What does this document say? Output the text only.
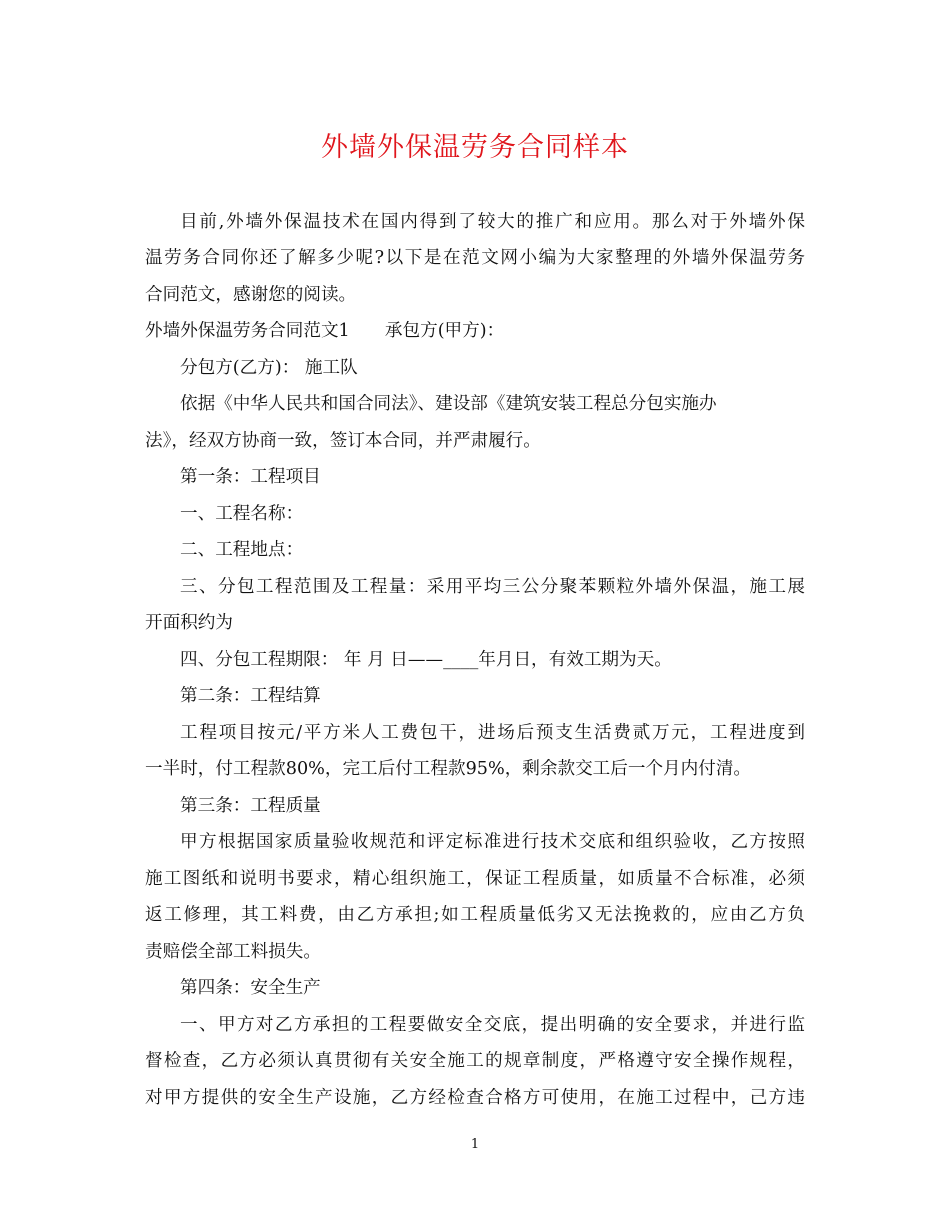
外墙外保温劳务合同样本
目前,外墙外保温技术在国内得到了较大的推广和应用。那么对于外墙外保
温劳务合同你还了解多少呢?以下是在范文网小编为大家整理的外墙外保温劳务
合同范文，感谢您的阅读。
外墙外保温劳务合同范文1　　承包方(甲方)：
分包方(乙方)： 施工队
依据《中华人民共和国合同法》、建设部《建筑安装工程总分包实施办
法》，经双方协商一致，签订本合同，并严肃履行。
第一条：工程项目
一、工程名称：
二、工程地点：
三、分包工程范围及工程量：采用平均三公分聚苯颗粒外墙外保温，施工展
开面积约为
四、分包工程期限： 年 月 日——____年月日，有效工期为天。
第二条：工程结算
工程项目按元/平方米人工费包干，进场后预支生活费贰万元，工程进度到
一半时，付工程款80%，完工后付工程款95%，剩余款交工后一个月内付清。
第三条：工程质量
甲方根据国家质量验收规范和评定标准进行技术交底和组织验收，乙方按照
施工图纸和说明书要求，精心组织施工，保证工程质量，如质量不合标准，必须
返工修理，其工料费，由乙方承担;如工程质量低劣又无法挽救的，应由乙方负
责赔偿全部工料损失。
第四条：安全生产
一、甲方对乙方承担的工程要做安全交底，提出明确的安全要求，并进行监
督检查，乙方必须认真贯彻有关安全施工的规章制度，严格遵守安全操作规程，
对甲方提供的安全生产设施，乙方经检查合格方可使用，在施工过程中，己方违
1
